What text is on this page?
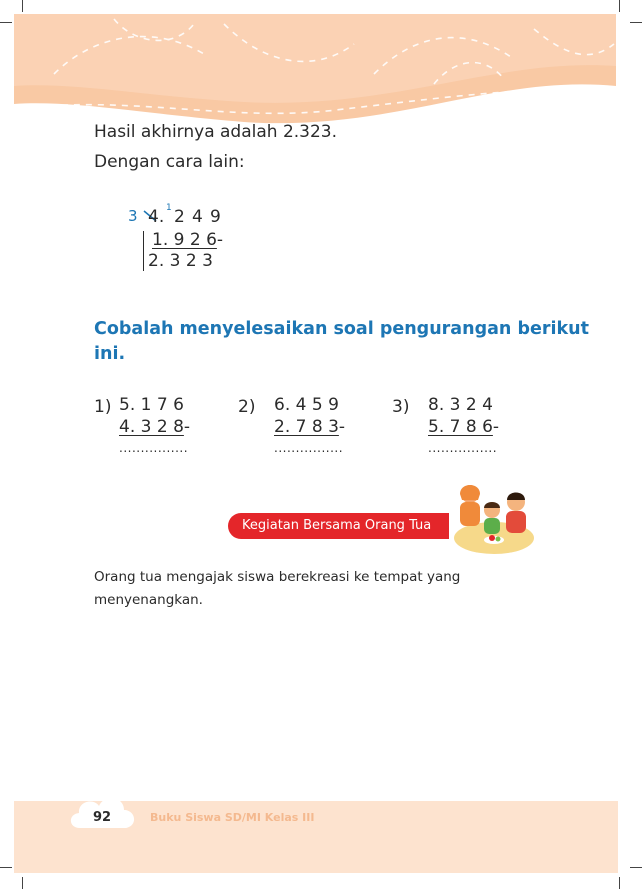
Hasil akhirnya adalah 2.323.
Dengan cara lain:
3	1
4. 2 4 9
1. 9 2 6-
2. 3 2 3
Cobalah menyelesaikan soal pengurangan berikut
ini.
1) 5. 1 7 6
4. 3 2 8-
................
2) 6. 4 5 9
2. 7 8 3-
................
3) 8. 3 2 4
5. 7 8 6-
................
Kegiatan Bersama Orang Tua
Orang tua mengajak siswa berekreasi ke tempat yang
menyenangkan.
92	Buku Siswa SD/MI Kelas III
